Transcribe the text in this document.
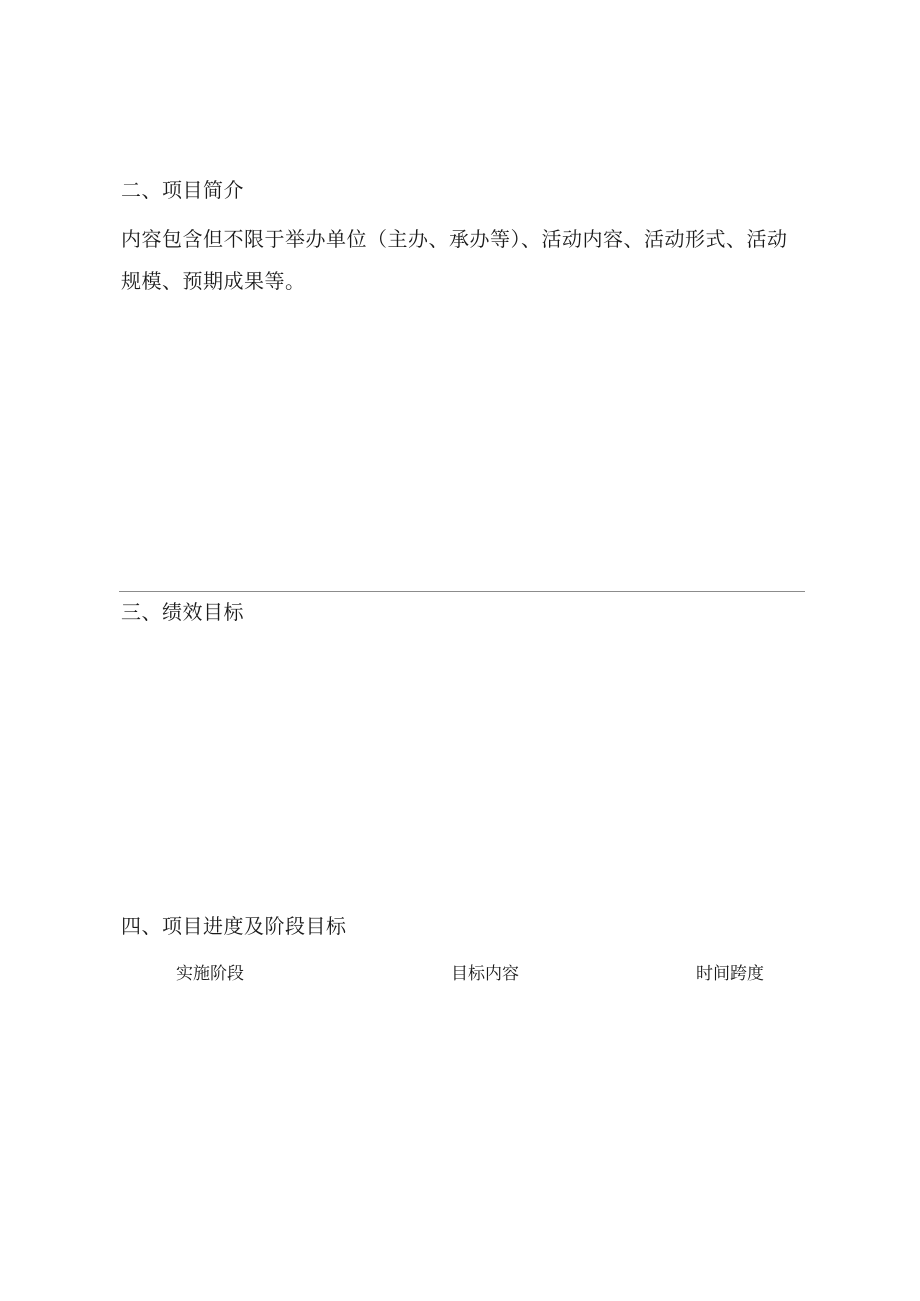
二、项目简介
内容包含但不限于举办单位（主办、承办等）、活动内容、活动形式、活动规模、预期成果等。
三、绩效目标
四、项目进度及阶段目标
实施阶段	目标内容	时间跨度
